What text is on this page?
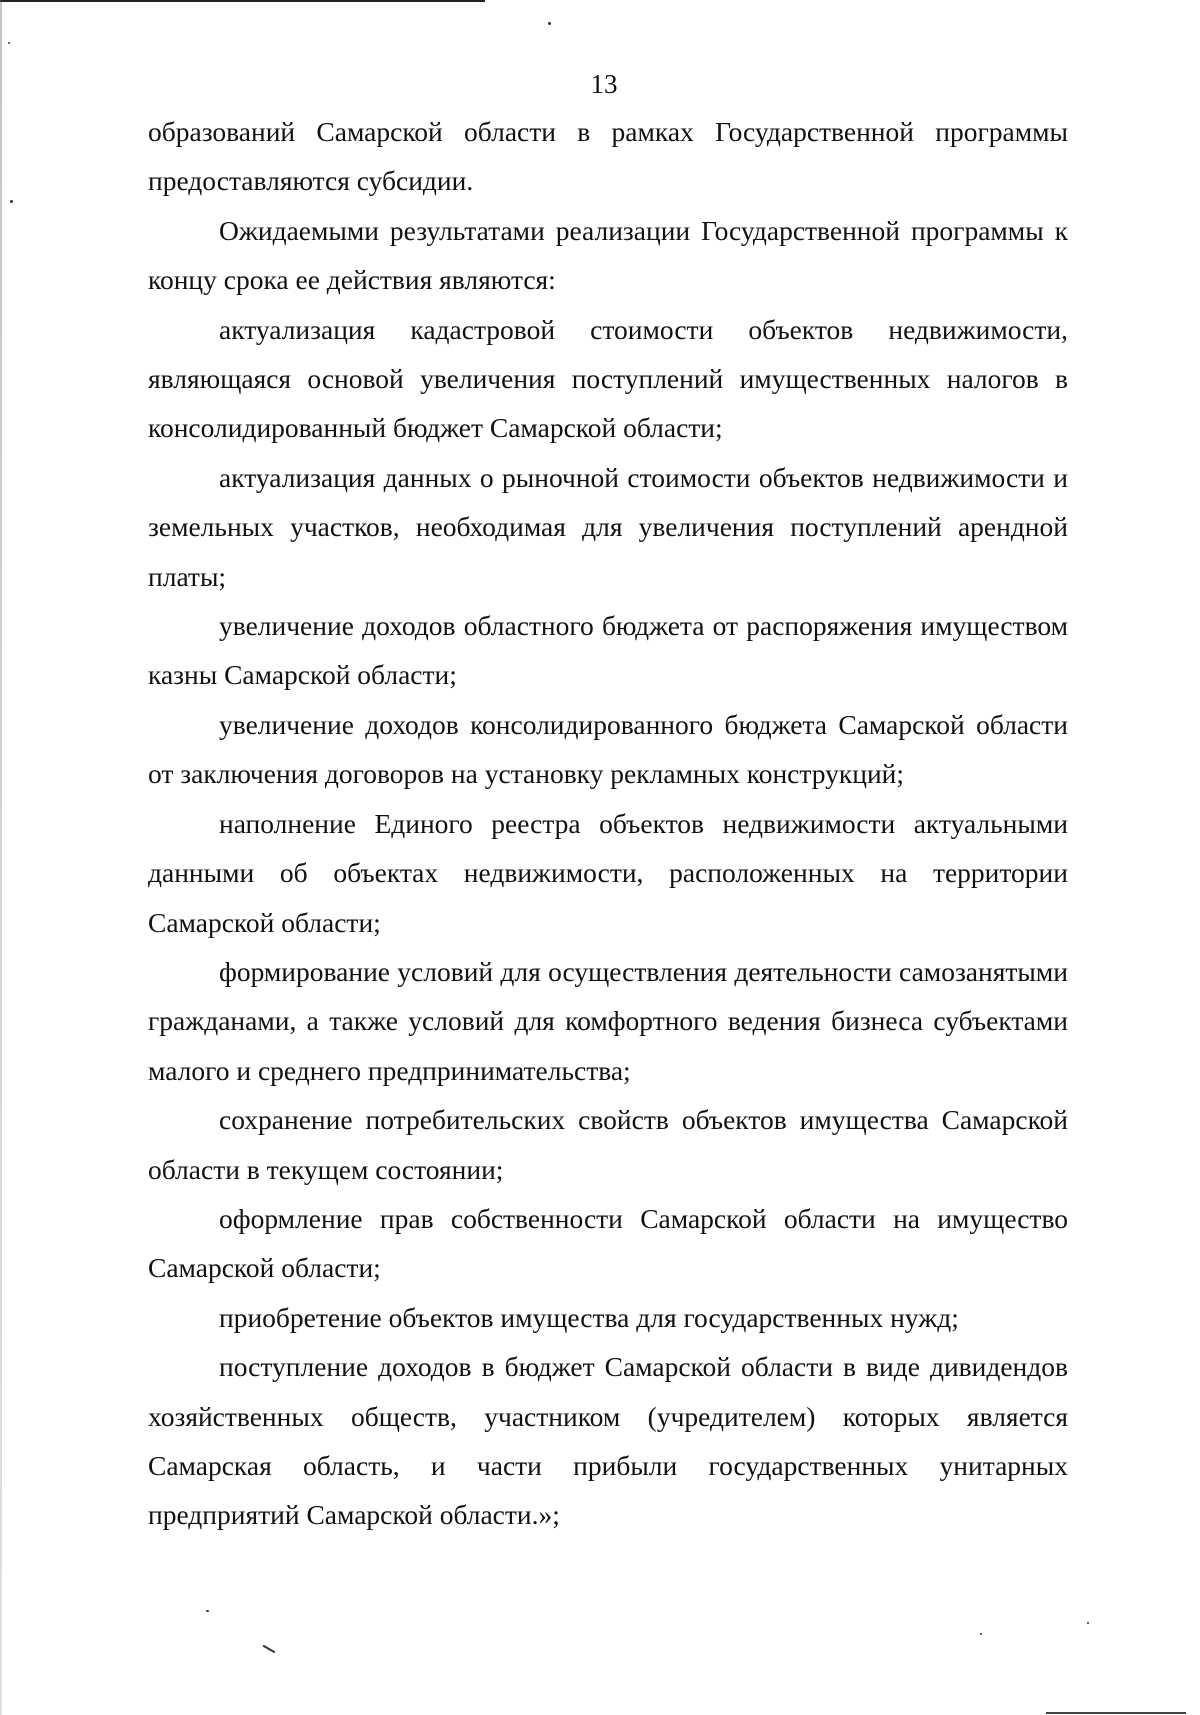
13

образований Самарской области в рамках Государственной программы предоставляются субсидии.

Ожидаемыми результатами реализации Государственной программы к концу срока ее действия являются:

актуализация кадастровой стоимости объектов недвижимости, являющаяся основой увеличения поступлений имущественных налогов в консолидированный бюджет Самарской области;

актуализация данных о рыночной стоимости объектов недвижимости и земельных участков, необходимая для увеличения поступлений арендной платы;

увеличение доходов областного бюджета от распоряжения имуществом казны Самарской области;

увеличение доходов консолидированного бюджета Самарской области от заключения договоров на установку рекламных конструкций;

наполнение Единого реестра объектов недвижимости актуальными данными об объектах недвижимости, расположенных на территории Самарской области;

формирование условий для осуществления деятельности самозанятыми гражданами, а также условий для комфортного ведения бизнеса субъектами малого и среднего предпринимательства;

сохранение потребительских свойств объектов имущества Самарской области в текущем состоянии;

оформление прав собственности Самарской области на имущество Самарской области;

приобретение объектов имущества для государственных нужд;

поступление доходов в бюджет Самарской области в виде дивидендов хозяйственных обществ, участником (учредителем) которых является Самарская область, и части прибыли государственных унитарных предприятий Самарской области.»;
